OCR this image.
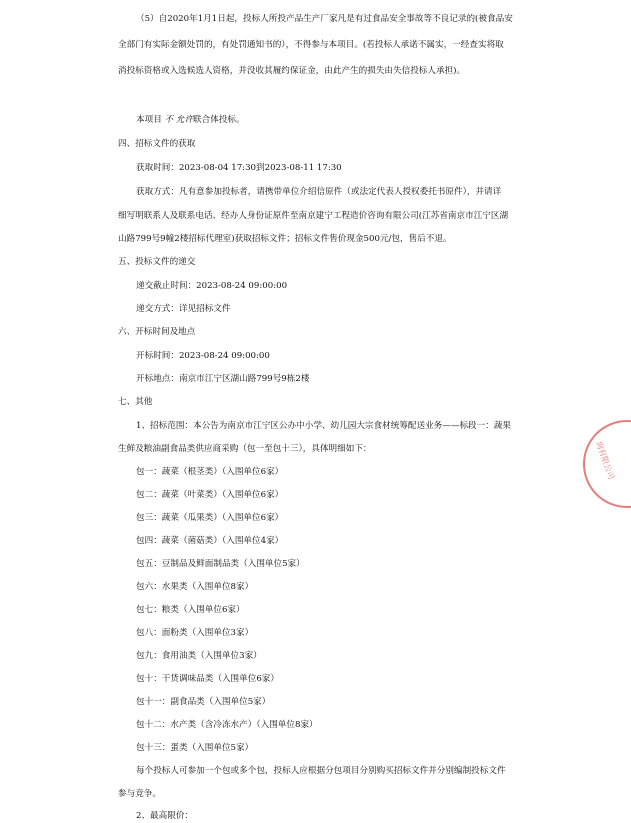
（5）自2020年1月1日起，投标人所投产品生产厂家凡是有过食品安全事故等不良记录的(被食品安
全部门有实际金额处罚的，有处罚通知书的），不得参与本项目。(若投标人承诺不属实，一经查实将取
消投标资格或入选候选人资格，并没收其履约保证金，由此产生的损失由失信投标人承担)。
本项目 不 允许联合体投标。
四、招标文件的获取
获取时间：2023-08-04 17:30到2023-08-11 17:30
获取方式：凡有意参加投标者，请携带单位介绍信原件（或法定代表人授权委托书原件），并请详
细写明联系人及联系电话、经办人身份证原件至南京建宁工程造价咨询有限公司(江苏省南京市江宁区湖
山路799号9幢2楼招标代理室)获取招标文件；招标文件售价现金500元/包，售后不退。
五、投标文件的递交
递交截止时间：2023-08-24 09:00:00
递交方式：详见招标文件
六、开标时间及地点
开标时间：2023-08-24 09:00:00
开标地点：南京市江宁区湖山路799号9栋2楼
七、其他
1、招标范围：本公告为南京市江宁区公办中小学、幼儿园大宗食材统筹配送业务——标段一：蔬果
生鲜及粮油副食品类供应商采购（包一至包十三），具体明细如下：
包一：蔬菜（根茎类）（入围单位6家）
包二：蔬菜（叶菜类）（入围单位6家）
包三：蔬菜（瓜果类）（入围单位6家）
包四：蔬菜（菌菇类）（入围单位4家）
包五：豆制品及鲜面制品类（入围单位5家）
包六：水果类（入围单位8家）
包七：粮类（入围单位6家）
包八：面粉类（入围单位3家）
包九：食用油类（入围单位3家）
包十：干货调味品类（入围单位6家）
包十一：副食品类（入围单位5家）
包十二：水产类（含冷冻水产）（入围单位8家）
包十三：蛋类（入围单位5家）
每个投标人可参加一个包或多个包，投标人应根据分包项目分别购买招标文件并分别编制投标文件
参与竞争。
2、最高限价：
询有限公司
